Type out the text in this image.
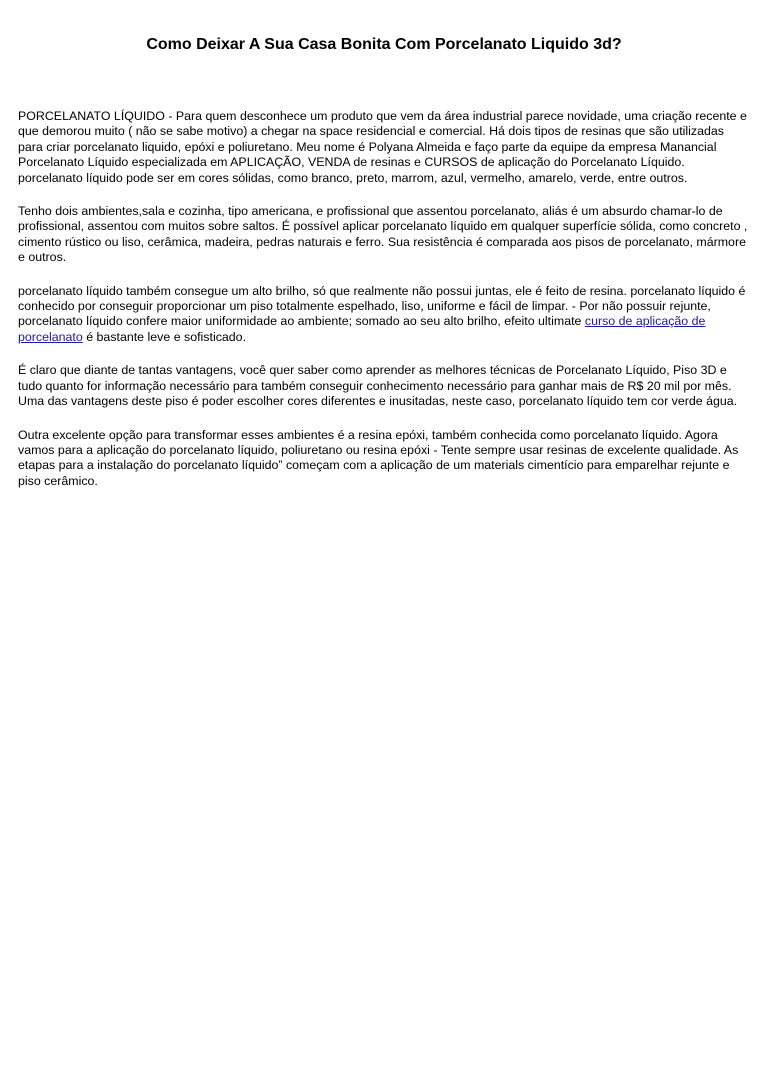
Como Deixar A Sua Casa Bonita Com Porcelanato Liquido 3d?

PORCELANATO LÍQUIDO - Para quem desconhece um produto que vem da área industrial parece novidade, uma criação recente e que demorou muito ( não se sabe motivo) a chegar na space residencial e comercial. Há dois tipos de resinas que são utilizadas para criar porcelanato liquido, epóxi e poliuretano. Meu nome é Polyana Almeida e faço parte da equipe da empresa Manancial Porcelanato Líquido especializada em APLICAÇÃO, VENDA de resinas e CURSOS de aplicação do Porcelanato Líquido. porcelanato líquido pode ser em cores sólidas, como branco, preto, marrom, azul, vermelho, amarelo, verde, entre outros.

Tenho dois ambientes,sala e cozinha, tipo americana, e profissional que assentou porcelanato, aliás é um absurdo chamar-lo de profissional, assentou com muitos sobre saltos. É possível aplicar porcelanato líquido em qualquer superfície sólida, como concreto , cimento rústico ou liso, cerâmica, madeira, pedras naturais e ferro. Sua resistência é comparada aos pisos de porcelanato, mármore e outros.

porcelanato líquido também consegue um alto brilho, só que realmente não possui juntas, ele é feito de resina. porcelanato líquido é conhecido por conseguir proporcionar um piso totalmente espelhado, liso, uniforme e fácil de limpar. - Por não possuir rejunte, porcelanato líquido confere maior uniformidade ao ambiente; somado ao seu alto brilho, efeito ultimate curso de aplicação de porcelanato é bastante leve e sofisticado.

É claro que diante de tantas vantagens, você quer saber como aprender as melhores técnicas de Porcelanato Líquido, Piso 3D e tudo quanto for informação necessário para também conseguir conhecimento necessário para ganhar mais de R$ 20 mil por mês. Uma das vantagens deste piso é poder escolher cores diferentes e inusitadas, neste caso, porcelanato líquido tem cor verde água.

Outra excelente opção para transformar esses ambientes é a resina epóxi, também conhecida como porcelanato líquido. Agora vamos para a aplicação do porcelanato líquido, poliuretano ou resina epóxi - Tente sempre usar resinas de excelente qualidade. As etapas para a instalação do porcelanato líquido” começam com a aplicação de um materials cimentício para emparelhar rejunte e piso cerâmico.
